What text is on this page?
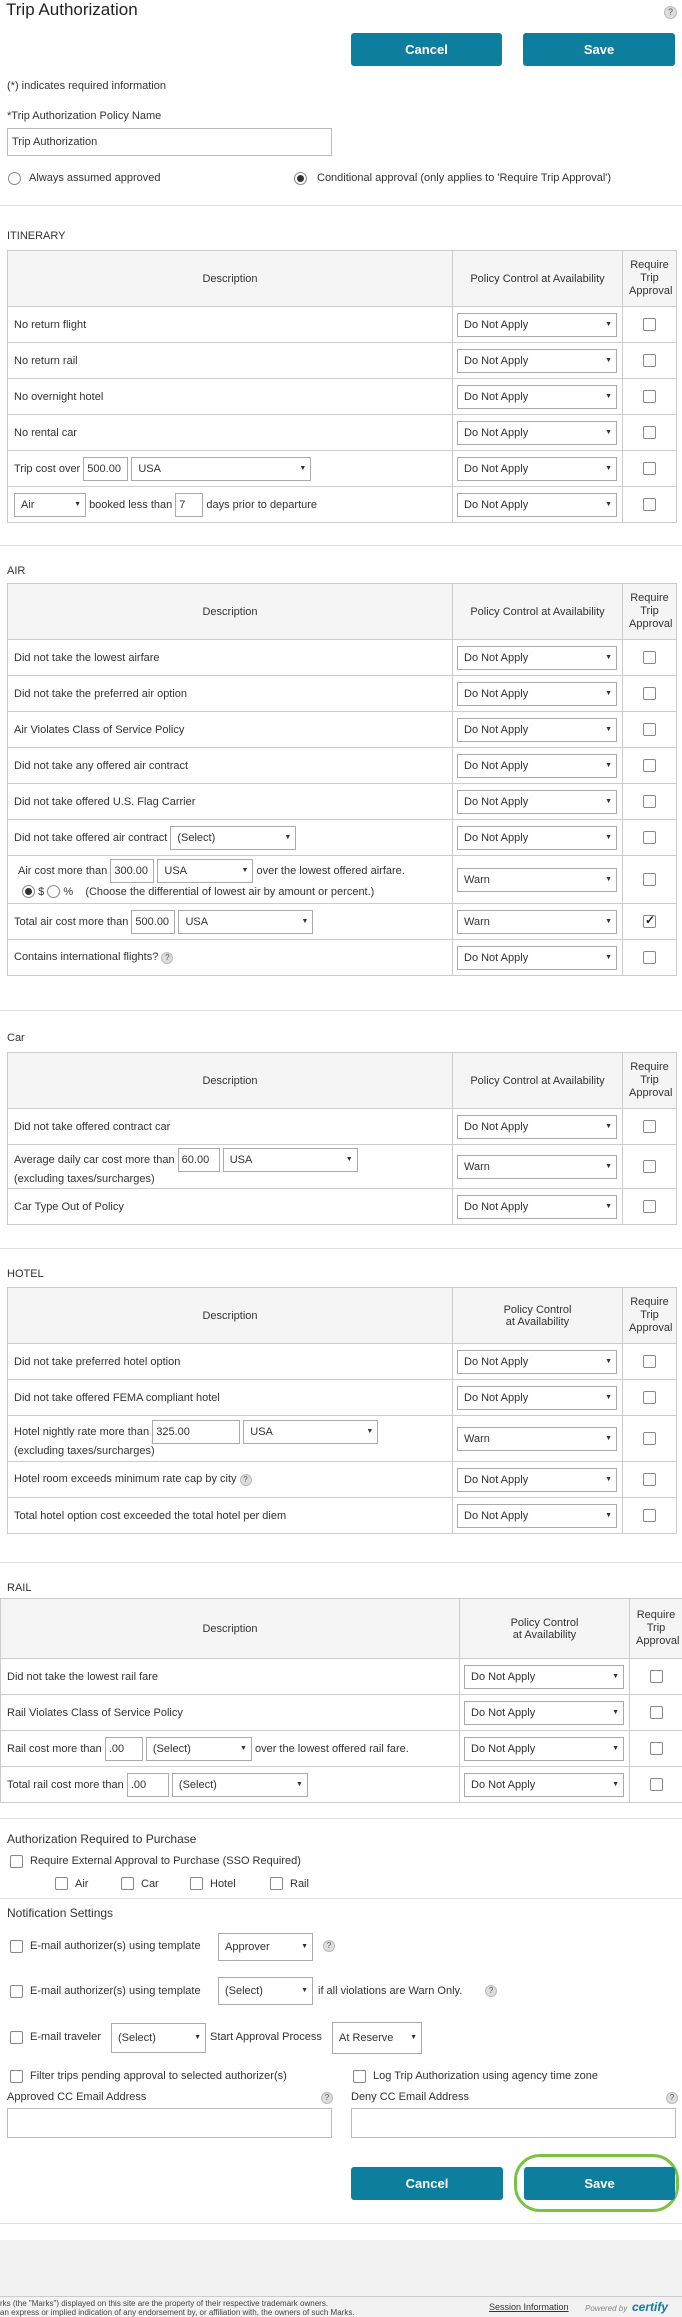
Trip Authorization	?
Cancel	Save
(*) indicates required information
*Trip Authorization Policy Name
Trip Authorization
Always assumed approved	Conditional approval (only applies to 'Require Trip Approval')
ITINERARY
Description	Policy Control at Availability	Require
Trip
Approval
No return flight	Do Not Apply ▼	
No return rail	Do Not Apply ▼	
No overnight hotel	Do Not Apply ▼	
No rental car	Do Not Apply ▼	
Trip cost over 500.00 USA ▼	Do Not Apply ▼	
Air ▼ booked less than 7 days prior to departure	Do Not Apply ▼	
AIR
Description	Policy Control at Availability	Require
Trip
Approval
Did not take the lowest airfare	Do Not Apply ▼	
Did not take the preferred air option	Do Not Apply ▼	
Air Violates Class of Service Policy	Do Not Apply ▼	
Did not take any offered air contract	Do Not Apply ▼	
Did not take offered U.S. Flag Carrier	Do Not Apply ▼	
Did not take offered air contract (Select) ▼	Do Not Apply ▼	

Air cost more than 300.00 USA ▼ over the lowest offered airfare.
$ % (Choose the differential of lowest air by amount or percent.)	Warn ▼	
Total air cost more than 500.00 USA ▼	Warn ▼	✓
Contains international flights? ?	Do Not Apply ▼	
Car
Description	Policy Control at Availability	Require
Trip
Approval
Did not take offered contract car	Do Not Apply ▼	

Average daily car cost more than 60.00 USA ▼
(excluding taxes/surcharges)	Warn ▼	
Car Type Out of Policy	Do Not Apply ▼	
HOTEL
Description	Policy Control
at Availability	Require
Trip
Approval
Did not take preferred hotel option	Do Not Apply ▼	
Did not take offered FEMA compliant hotel	Do Not Apply ▼	

Hotel nightly rate more than 325.00 USA ▼
(excluding taxes/surcharges)	Warn ▼	
Hotel room exceeds minimum rate cap by city ?	Do Not Apply ▼	
Total hotel option cost exceeded the total hotel per diem	Do Not Apply ▼	
RAIL
Description	Policy Control
at Availability	Require
Trip
Approval
Did not take the lowest rail fare	Do Not Apply ▼	
Rail Violates Class of Service Policy	Do Not Apply ▼	
Rail cost more than .00 (Select) ▼ over the lowest offered rail fare.	Do Not Apply ▼	
Total rail cost more than .00 (Select) ▼	Do Not Apply ▼	
Authorization Required to Purchase
Require External Approval to Purchase (SSO Required)
Air	Car	Hotel	Rail
Notification Settings
E-mail authorizer(s) using template	Approver ▼	?
E-mail authorizer(s) using template	(Select) ▼	if all violations are Warn Only.	?
E-mail traveler	(Select) ▼	Start Approval Process	At Reserve ▼
Filter trips pending approval to selected authorizer(s)	Log Trip Authorization using agency time zone
Approved CC Email Address	?	Deny CC Email Address	?
Cancel	Save
rks (the "Marks") displayed on this site are the property of their respective trademark owners.
an express or implied indication of any endorsement by, or affiliation with, the owners of such Marks.
Session Information Powered by certify
